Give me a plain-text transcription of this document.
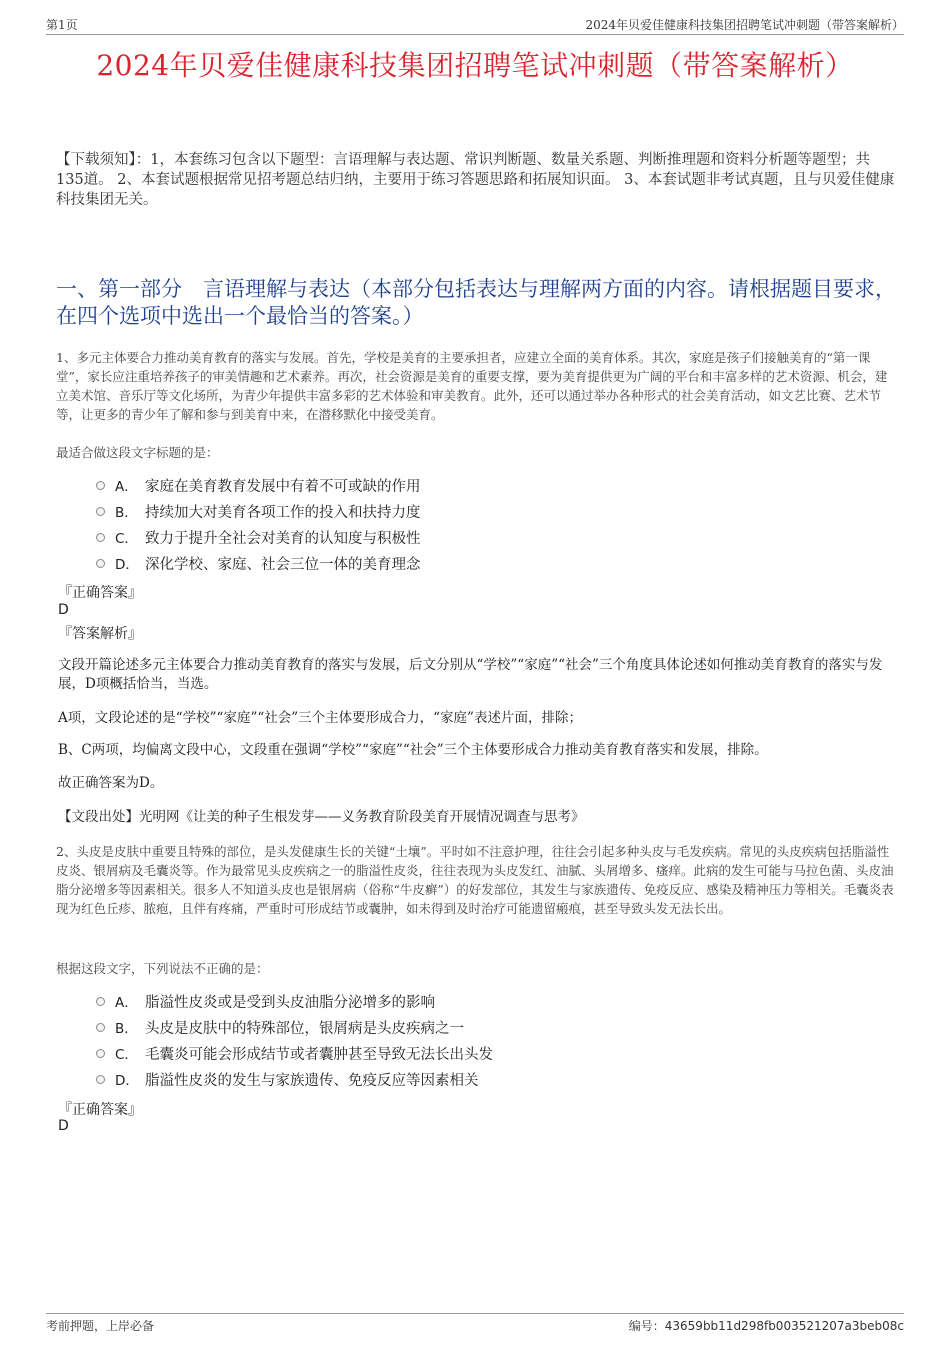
第1页	2024年贝爱佳健康科技集团招聘笔试冲刺题（带答案解析）
2024年贝爱佳健康科技集团招聘笔试冲刺题（带答案解析）
【下载须知】：1，本套练习包含以下题型：言语理解与表达题、常识判断题、数量关系题、判断推理题和资料分析题等题型；共135道。 2、本套试题根据常见招考题总结归纳，主要用于练习答题思路和拓展知识面。 3、本套试题非考试真题，且与贝爱佳健康科技集团无关。
一、第一部分　言语理解与表达（本部分包括表达与理解两方面的内容。请根据题目要求，在四个选项中选出一个最恰当的答案。）
1、多元主体要合力推动美育教育的落实与发展。首先，学校是美育的主要承担者，应建立全面的美育体系。其次，家庭是孩子们接触美育的“第一课堂”，家长应注重培养孩子的审美情趣和艺术素养。再次，社会资源是美育的重要支撑，要为美育提供更为广阔的平台和丰富多样的艺术资源、机会，建立美术馆、音乐厅等文化场所，为青少年提供丰富多彩的艺术体验和审美教育。此外，还可以通过举办各种形式的社会美育活动，如文艺比赛、艺术节等，让更多的青少年了解和参与到美育中来，在潜移默化中接受美育。
最适合做这段文字标题的是：
A． 家庭在美育教育发展中有着不可或缺的作用
B． 持续加大对美育各项工作的投入和扶持力度
C． 致力于提升全社会对美育的认知度与积极性
D． 深化学校、家庭、社会三位一体的美育理念
『正确答案』
D
『答案解析』
文段开篇论述多元主体要合力推动美育教育的落实与发展，后文分别从“学校”“家庭”“社会”三个角度具体论述如何推动美育教育的落实与发展，D项概括恰当，当选。
A项，文段论述的是“学校”“家庭”“社会”三个主体要形成合力，“家庭”表述片面，排除；
B、C两项，均偏离文段中心，文段重在强调“学校”“家庭”“社会”三个主体要形成合力推动美育教育落实和发展，排除。
故正确答案为D。
【文段出处】光明网《让美的种子生根发芽——义务教育阶段美育开展情况调查与思考》
2、头皮是皮肤中重要且特殊的部位，是头发健康生长的关键“土壤”。平时如不注意护理，往往会引起多种头皮与毛发疾病。常见的头皮疾病包括脂溢性皮炎、银屑病及毛囊炎等。作为最常见头皮疾病之一的脂溢性皮炎，往往表现为头皮发红、油腻、头屑增多、瘙痒。此病的发生可能与马拉色菌、头皮油脂分泌增多等因素相关。很多人不知道头皮也是银屑病（俗称“牛皮癣”）的好发部位，其发生与家族遗传、免疫反应、感染及精神压力等相关。毛囊炎表现为红色丘疹、脓疱，且伴有疼痛，严重时可形成结节或囊肿，如未得到及时治疗可能遗留瘢痕，甚至导致头发无法长出。
根据这段文字，下列说法不正确的是：
A． 脂溢性皮炎或是受到头皮油脂分泌增多的影响
B． 头皮是皮肤中的特殊部位，银屑病是头皮疾病之一
C． 毛囊炎可能会形成结节或者囊肿甚至导致无法长出头发
D． 脂溢性皮炎的发生与家族遗传、免疫反应等因素相关
『正确答案』
D
考前押题，上岸必备	编号：43659bb11d298fb003521207a3beb08c
